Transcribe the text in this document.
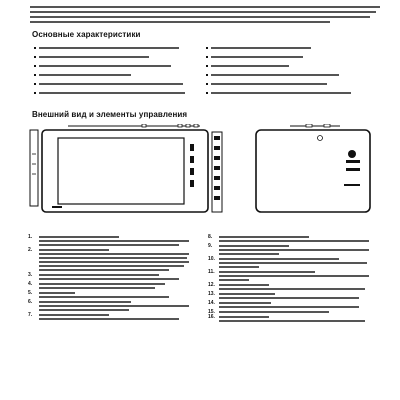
Основные характеристики
Внешний вид и элементы управления
1.
2.
3.
4.
5.
6.
7.
8.
9.
10.
11.
12.
13.
14.
15.
16.
